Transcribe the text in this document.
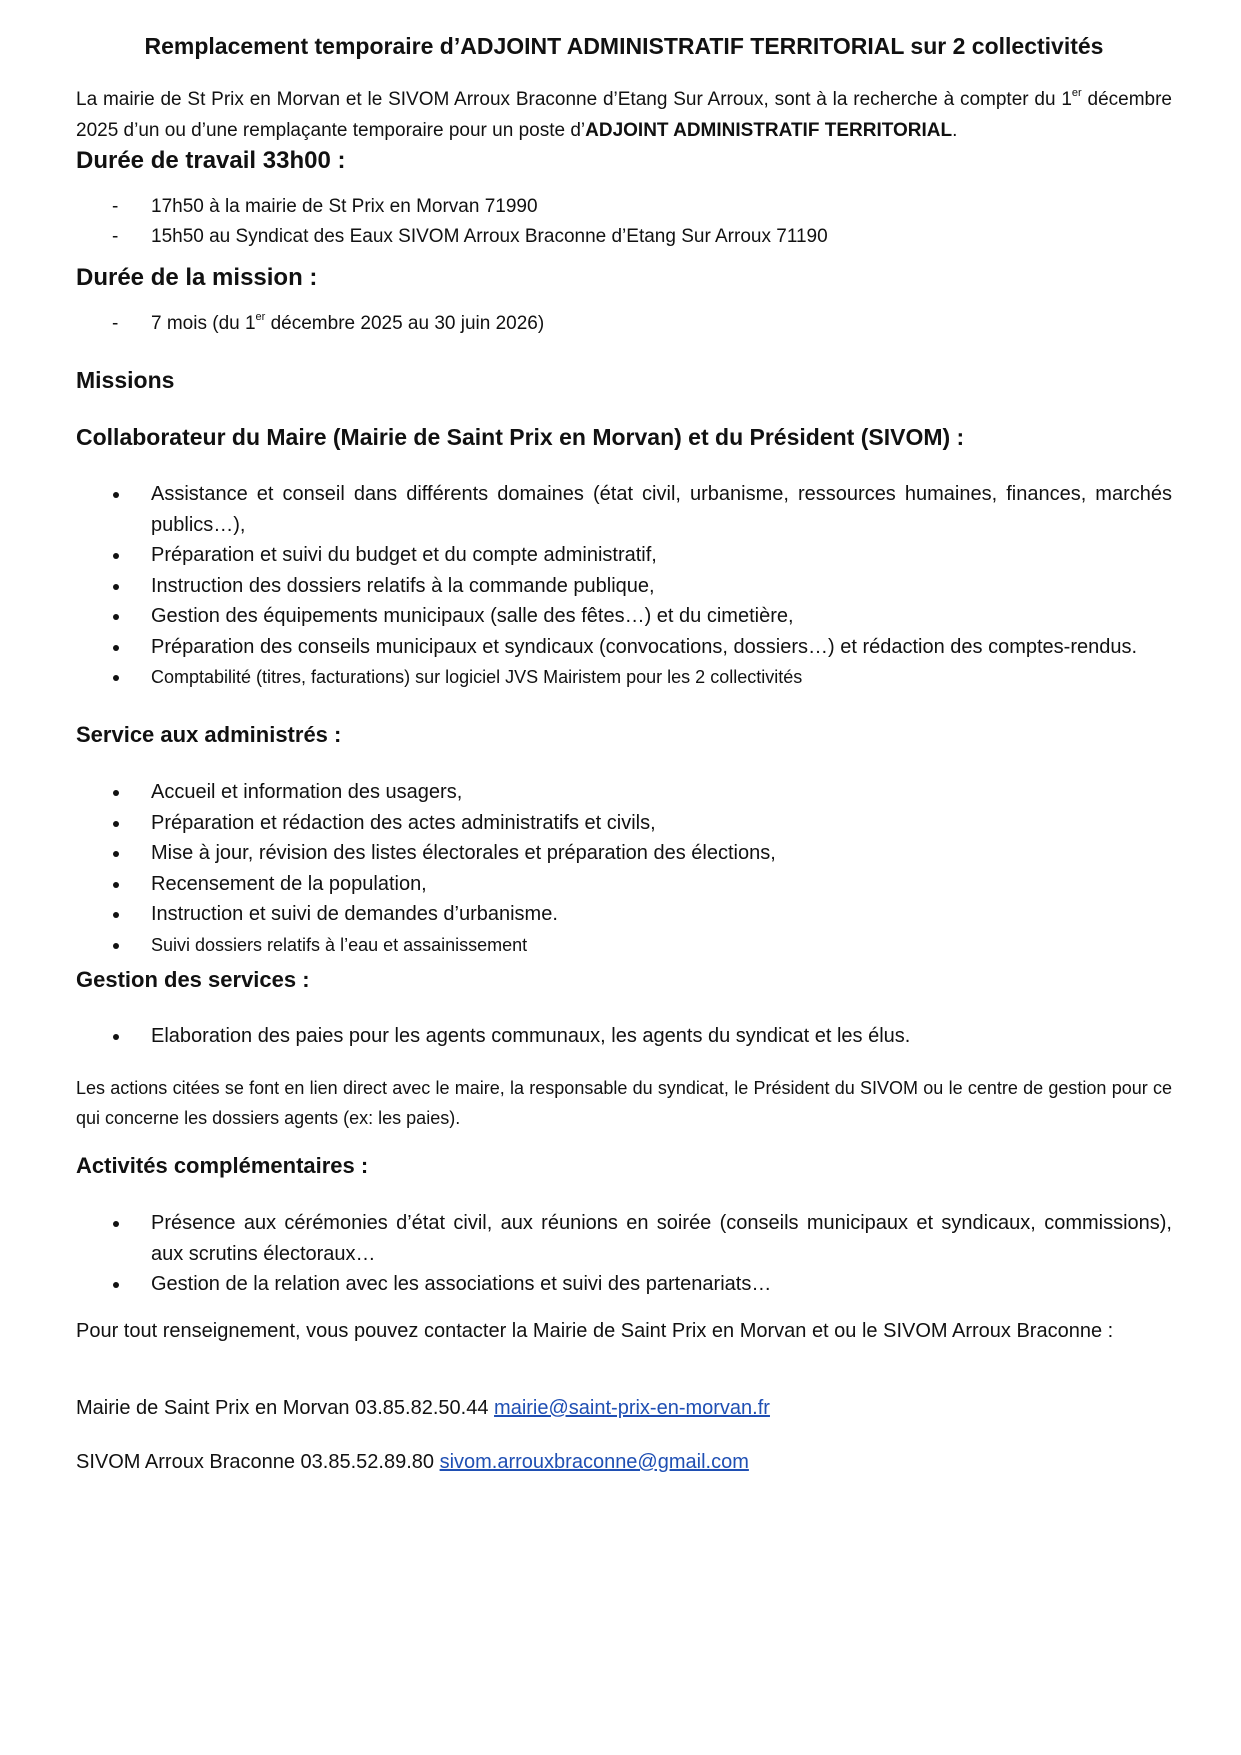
Remplacement temporaire d’ADJOINT ADMINISTRATIF TERRITORIAL sur 2 collectivités

La mairie de St Prix en Morvan et le SIVOM Arroux Braconne d’Etang Sur Arroux, sont à la recherche à compter du 1er décembre 2025 d’un ou d’une remplaçante temporaire pour un poste d’ADJOINT ADMINISTRATIF TERRITORIAL.

Durée de travail 33h00 :
- 17h50 à la mairie de St Prix en Morvan 71990
- 15h50 au Syndicat des Eaux SIVOM Arroux Braconne d’Etang Sur Arroux 71190
Durée de la mission :
- 7 mois (du 1er décembre 2025 au 30 juin 2026)
Missions
Collaborateur du Maire (Mairie de Saint Prix en Morvan) et du Président (SIVOM) :
Assistance et conseil dans différents domaines (état civil, urbanisme, ressources humaines, finances, marchés publics…),
Préparation et suivi du budget et du compte administratif,
Instruction des dossiers relatifs à la commande publique,
Gestion des équipements municipaux (salle des fêtes…) et du cimetière,
Préparation des conseils municipaux et syndicaux (convocations, dossiers…) et rédaction des comptes-rendus.
Comptabilité (titres, facturations) sur logiciel JVS Mairistem pour les 2 collectivités
Service aux administrés :
Accueil et information des usagers,
Préparation et rédaction des actes administratifs et civils,
Mise à jour, révision des listes électorales et préparation des élections,
Recensement de la population,
Instruction et suivi de demandes d’urbanisme.
Suivi dossiers relatifs à l’eau et assainissement
Gestion des services :
Elaboration des paies pour les agents communaux, les agents du syndicat et les élus.

Les actions citées se font en lien direct avec le maire, la responsable du syndicat, le Président du SIVOM ou le centre de gestion pour ce qui concerne les dossiers agents (ex: les paies).

Activités complémentaires :
Présence aux cérémonies d’état civil, aux réunions en soirée (conseils municipaux et syndicaux, commissions), aux scrutins électoraux…
Gestion de la relation avec les associations et suivi des partenariats…

Pour tout renseignement, vous pouvez contacter la Mairie de Saint Prix en Morvan et ou le SIVOM Arroux Braconne :

Mairie de Saint Prix en Morvan 03.85.82.50.44 mairie@saint-prix-en-morvan.fr

SIVOM Arroux Braconne 03.85.52.89.80 sivom.arrouxbraconne@gmail.com
